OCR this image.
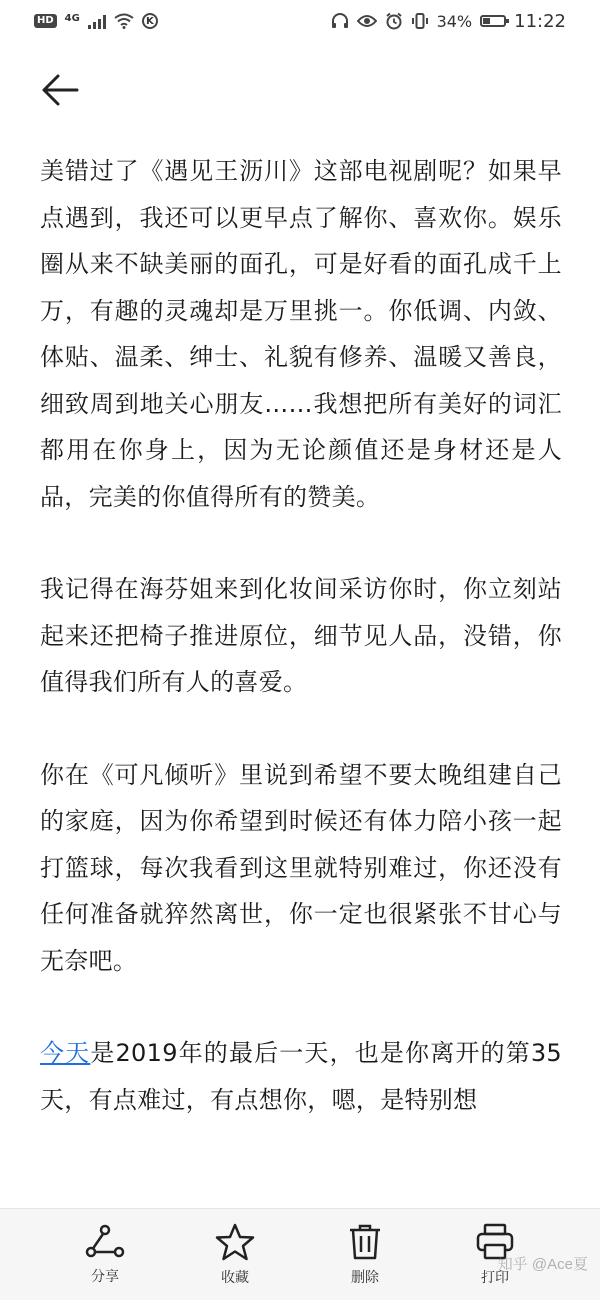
HD	4G	K	34% 11:22

美错过了《遇见王沥川》这部电视剧呢？如果早点遇到，我还可以更早点了解你、喜欢你。娱乐圈从来不缺美丽的面孔，可是好看的面孔成千上万，有趣的灵魂却是万里挑一。你低调、内敛、体贴、温柔、绅士、礼貌有修养、温暖又善良，细致周到地关心朋友……我想把所有美好的词汇都用在你身上，因为无论颜值还是身材还是人品，完美的你值得所有的赞美。

我记得在海芬姐来到化妆间采访你时，你立刻站起来还把椅子推进原位，细节见人品，没错，你值得我们所有人的喜爱。

你在《可凡倾听》里说到希望不要太晚组建自己的家庭，因为你希望到时候还有体力陪小孩一起打篮球，每次我看到这里就特别难过，你还没有任何准备就猝然离世，你一定也很紧张不甘心与无奈吧。

今天是2019年的最后一天，也是你离开的第35天，有点难过，有点想你，嗯，是特别想

分享	收藏	删除	打印
知乎 @Ace夏
